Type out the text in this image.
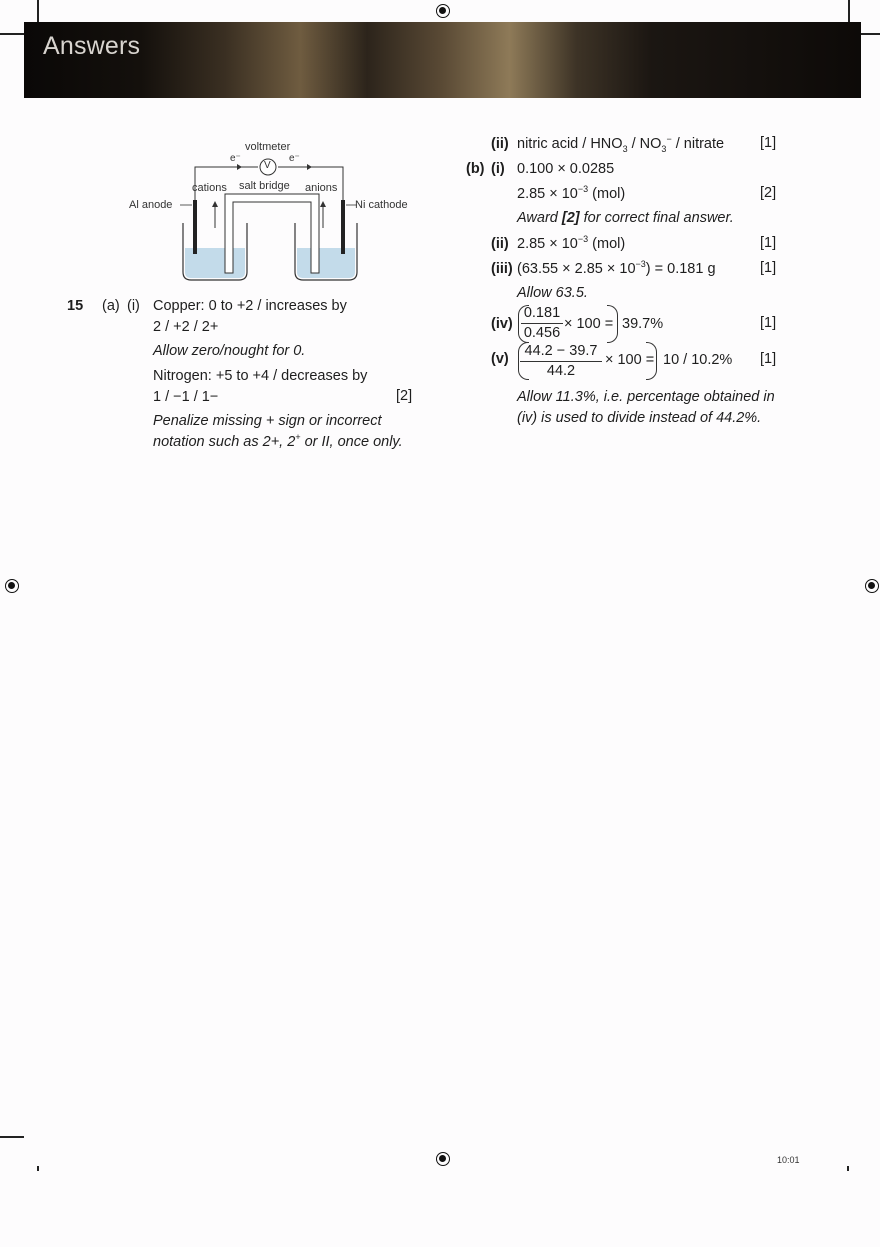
Answers
voltmeter
V
e⁻	e⁻
cations salt bridge anions
Al anode	Ni cathode
15 (a) (i) Copper: 0 to +2 / increases by
2 / +2 / 2+
Allow zero/nought for 0.
Nitrogen: +5 to +4 / decreases by
1 / −1 / 1−	[2]
Penalize missing + sign or incorrect
notation such as 2+, 2+ or II, once only.
(ii) nitric acid / $HNO_3 / NO_3^-$ / nitrate [1]
(b) (i) 0.100 × 0.0285
$2.85 \times 10^{-3}$ (mol)	[2]
Award [2] for correct final answer.
(ii) $2.85 \times 10^{-3}$ (mol)	[1]
(iii) $(63.55 \times 2.85 \times 10^{-3}) = 0.181$ g	[1]
Allow 63.5.
$(iv) \frac{0.181}{0.456} \times 100 = 39.7\%$	[1]
$(v) \frac{44.2 - 39.7}{44.2} \times 100 = 10 / 10.2\%$ [1]
Allow 11.3%, i.e. percentage obtained in
(iv) is used to divide instead of 44.2%.
10:01
